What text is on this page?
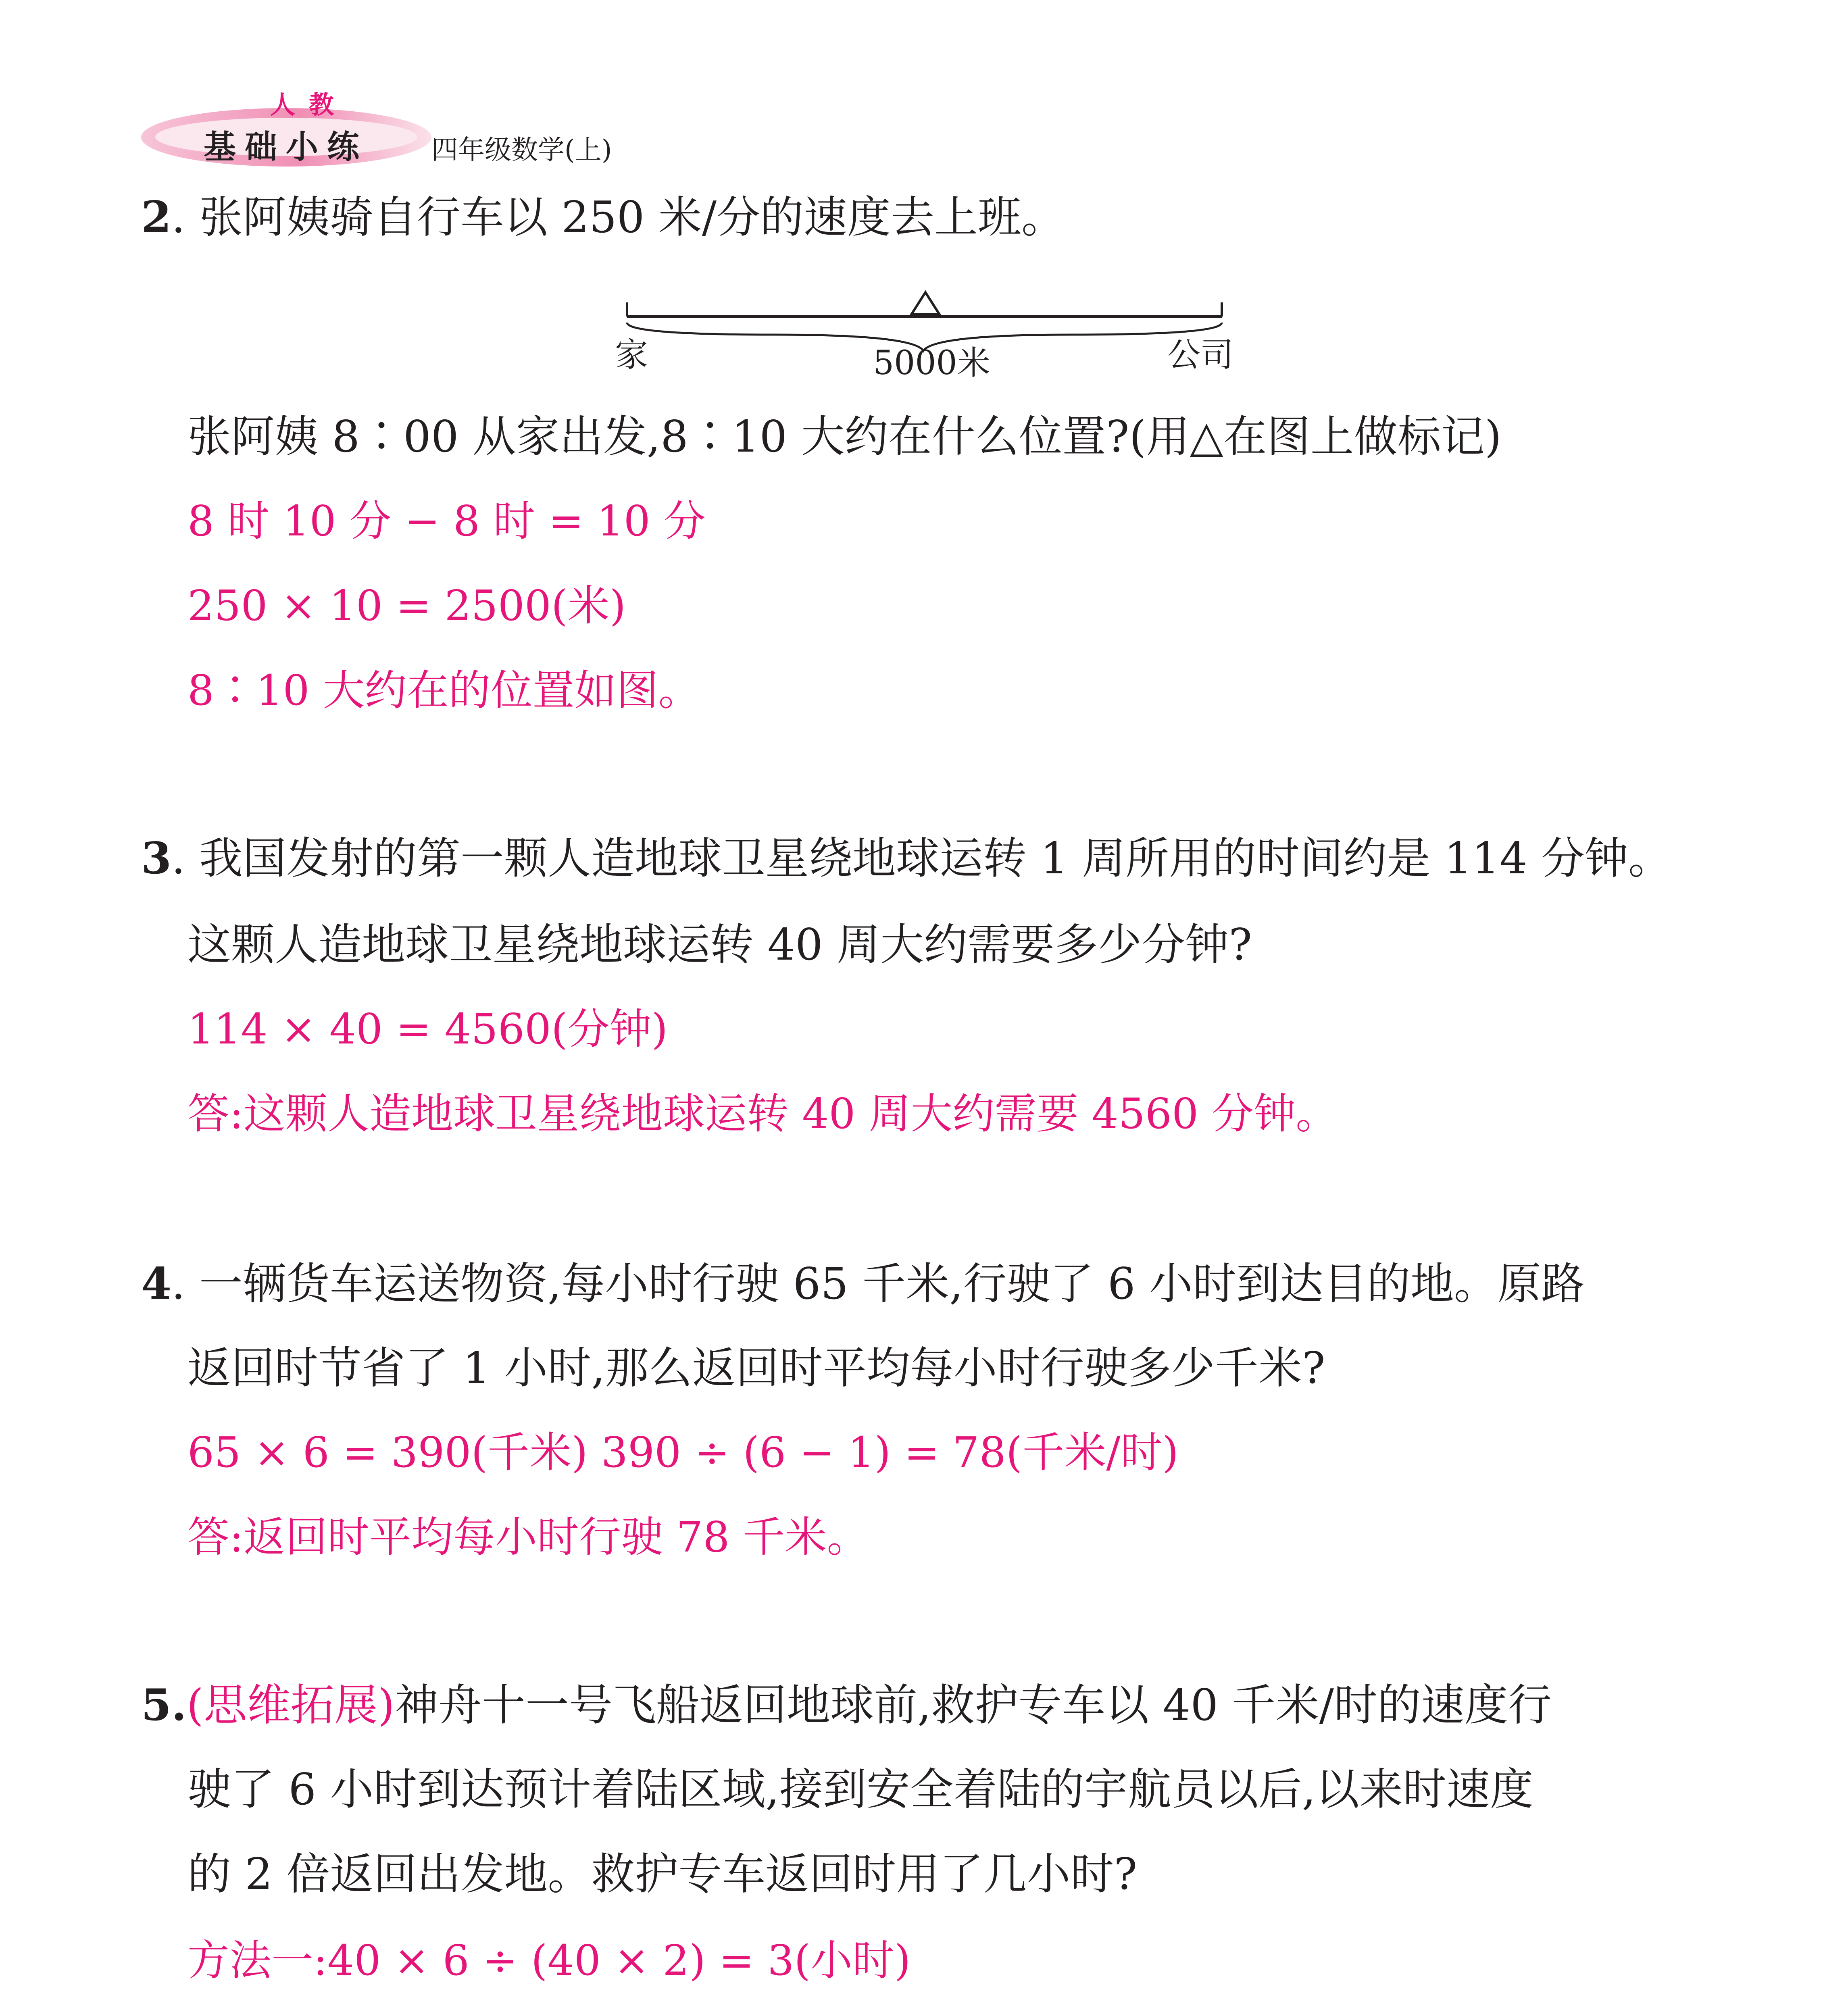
人教
基础小练 四年级数学(上)
2. 张阿姨骑自行车以 250 米/分的速度去上班。
家	5000米	公司
张阿姨 8∶00 从家出发,8∶10 大约在什么位置?(用△在图上做标记)
8 时 10 分 − 8 时 = 10 分
250 × 10 = 2500(米)
8∶10 大约在的位置如图。
3. 我国发射的第一颗人造地球卫星绕地球运转 1 周所用的时间约是 114 分钟。
这颗人造地球卫星绕地球运转 40 周大约需要多少分钟?
114 × 40 = 4560(分钟)
答:这颗人造地球卫星绕地球运转 40 周大约需要 4560 分钟。
4. 一辆货车运送物资,每小时行驶 65 千米,行驶了 6 小时到达目的地。原路
返回时节省了 1 小时,那么返回时平均每小时行驶多少千米?
65 × 6 = 390(千米) 390 ÷ (6 − 1) = 78(千米/时)
答:返回时平均每小时行驶 78 千米。
5.(思维拓展)神舟十一号飞船返回地球前,救护专车以 40 千米/时的速度行
驶了 6 小时到达预计着陆区域,接到安全着陆的宇航员以后,以来时速度
的 2 倍返回出发地。救护专车返回时用了几小时?
方法一:40 × 6 ÷ (40 × 2) = 3(小时)
